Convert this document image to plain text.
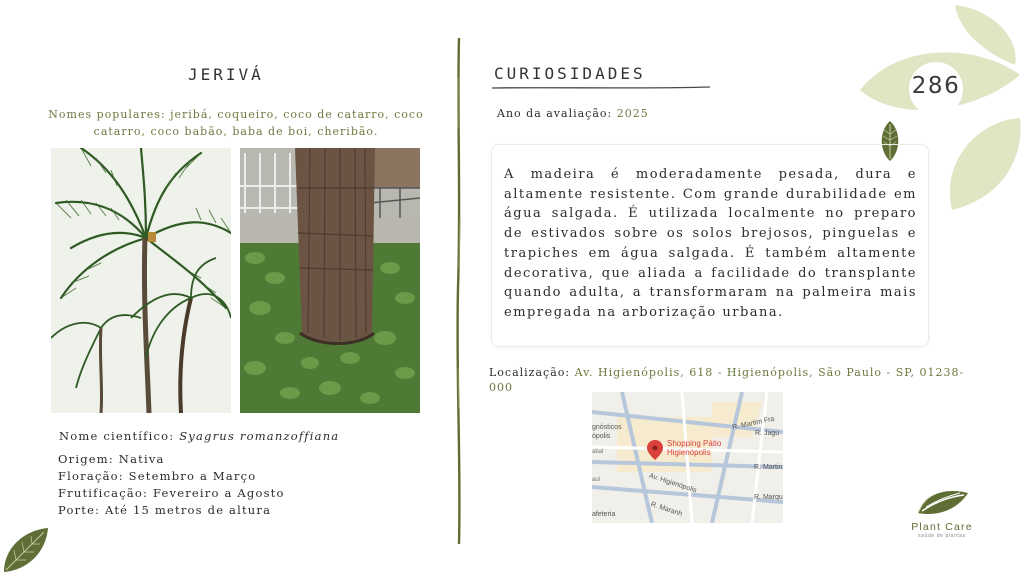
286
JERIVÁ
Nomes populares: jeribá, coqueiro, coco de catarro, coco catarro, coco babão, baba de boi, cheribão.
Nome científico: Syagrus romanzoffiana
Origem: Nativa
Floração: Setembro a Março
Frutificação: Fevereiro a Agosto
Porte: Até 15 metros de altura
CURIOSIDADES
Ano da avaliação: 2025
A madeira é moderadamente pesada, dura e altamente resistente. Com grande durabilidade em água salgada. É utilizada localmente no preparo de estivados sobre os solos brejosos, pinguelas e trapiches em água salgada. É também altamente decorativa, que aliada a facilidade do transplante quando adulta, a transformaram na palmeira mais empregada na arborização urbana.
Localização: Av. Higienópolis, 618 - Higienópolis, São Paulo - SP, 01238-000
Shopping Pátio
Higienópolis
R. Martim Fra
R. Jagu
R. Martin
R. Marqu
Av. Higienópolis
R. Maranh
gnósticos
ópolis
afeteria
abal
aul
Plant Care
saúde de plantas
